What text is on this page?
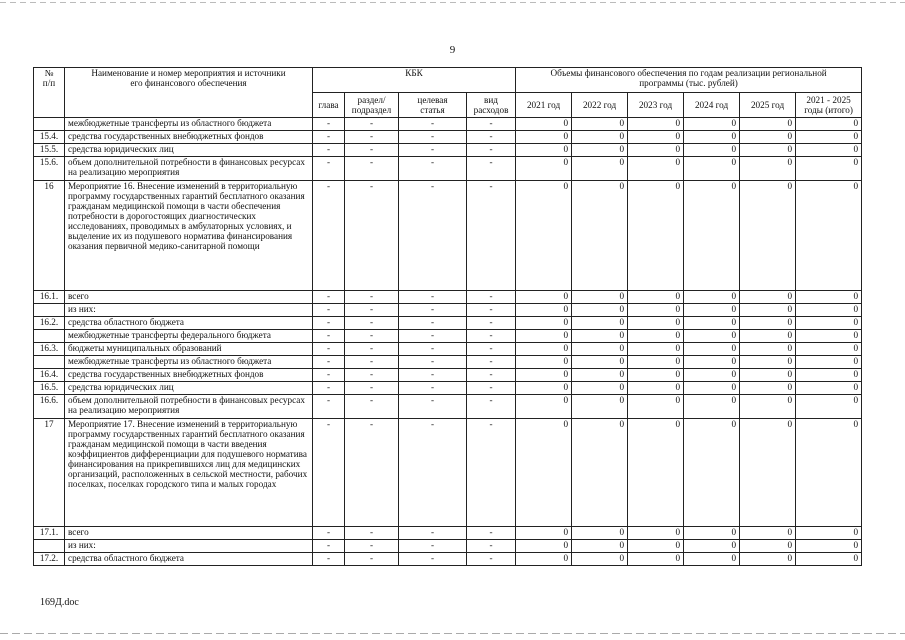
9
№
п/п	Наименование и номер мероприятия и источники
его финансового обеспечения	КБК				Объемы финансового обеспечения по годам реализации региональной
программы (тыс. рублей)					
		глава	раздел/
подраздел	целевая
статья	вид
расходов	2021 год	2022 год	2023 год	2024 год	2025 год	2021 - 2025
годы (итого)
	межбюджетные трансферты из областного бюджета	-	-	-	-	0	0	0	0	0	0
15.4.	средства государственных внебюджетных фондов	-	-	-	-	0	0	0	0	0	0
15.5.	средства юридических лиц	-	-	-	-	0	0	0	0	0	0
15.6.	объем дополнительной потребности в финансовых ресурсах на реализацию мероприятия	-	-	-	-	0	0	0	0	0	0
16	Мероприятие 16. Внесение изменений в территориальную программу государственных гарантий бесплатного оказания гражданам медицинской помощи в части обеспечения потребности в дорогостоящих диагностических исследованиях, проводимых в амбулаторных условиях, и выделение их из подушевого норматива финансирования оказания первичной медико-санитарной помощи	-	-	-	-	0	0	0	0	0	0
16.1.	всего	-	-	-	-	0	0	0	0	0	0
	из них:	-	-	-	-	0	0	0	0	0	0
16.2.	средства областного бюджета	-	-	-	-	0	0	0	0	0	0
	межбюджетные трансферты федерального бюджета	-	-	-	-	0	0	0	0	0	0
16.3.	бюджеты муниципальных образований	-	-	-	-	0	0	0	0	0	0
	межбюджетные трансферты из областного бюджета	-	-	-	-	0	0	0	0	0	0
16.4.	средства государственных внебюджетных фондов	-	-	-	-	0	0	0	0	0	0
16.5.	средства юридических лиц	-	-	-	-	0	0	0	0	0	0
16.6.	объем дополнительной потребности в финансовых ресурсах на реализацию мероприятия	-	-	-	-	0	0	0	0	0	0
17	Мероприятие 17. Внесение изменений в территориальную программу государственных гарантий бесплатного оказания гражданам медицинской помощи в части введения коэффициентов дифференциации для подушевого норматива финансирования на прикрепившихся лиц для медицинских организаций, расположенных в сельской местности, рабочих поселках, поселках городского типа и малых городах	-	-	-	-	0	0	0	0	0	0
17.1.	всего	-	-	-	-	0	0	0	0	0	0
	из них:	-	-	-	-	0	0	0	0	0	0
17.2.	средства областного бюджета	-	-	-	-	0	0	0	0	0	0
169Д.doc
